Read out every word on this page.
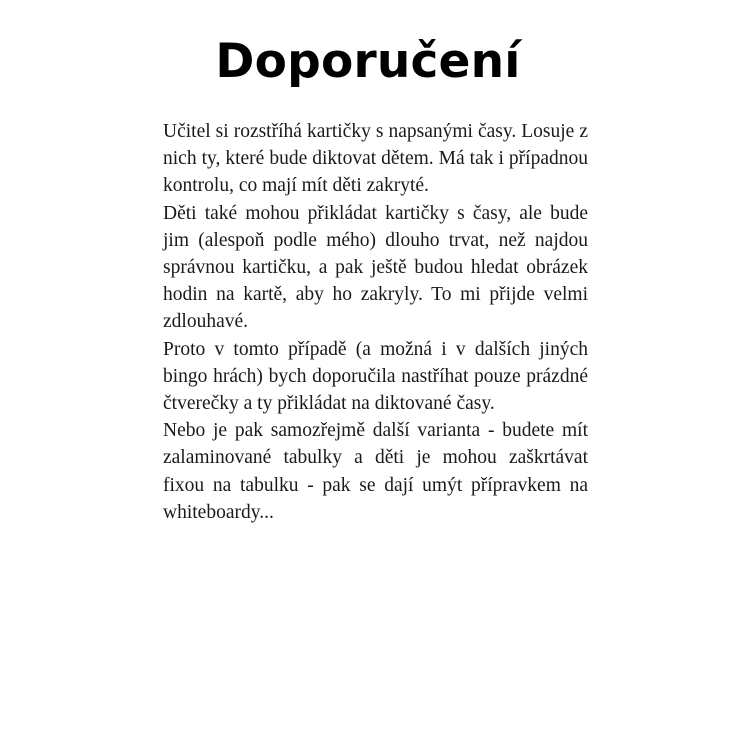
Doporučení

Učitel si rozstříhá kartičky s napsanými časy. Losuje z nich ty, které bude diktovat dětem. Má tak i případnou kontrolu, co mají mít děti zakryté.

Děti také mohou přikládat kartičky s časy, ale bude jim (alespoň podle mého) dlouho trvat, než najdou správnou kartičku, a pak ještě budou hledat obrázek hodin na kartě, aby ho zakryly. To mi přijde velmi zdlouhavé.

Proto v tomto případě (a možná i v dalších jiných bingo hrách) bych doporučila nastříhat pouze prázdné čtverečky a ty přikládat na diktované časy.

Nebo je pak samozřejmě další varianta - budete mít zalaminované tabulky a děti je mohou zaškrtávat fixou na tabulku - pak se dají umýt přípravkem na whiteboardy...
